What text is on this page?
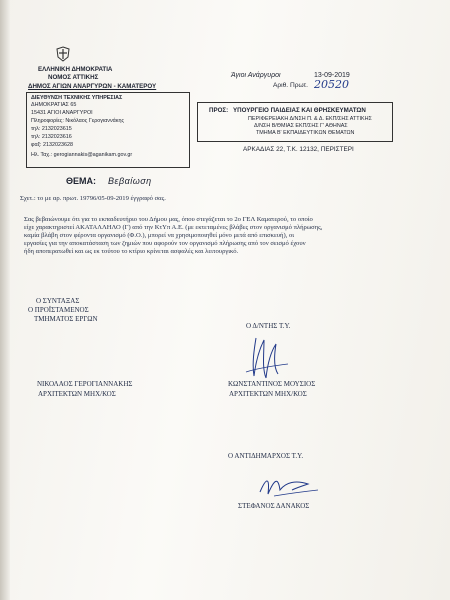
ΕΛΛΗΝΙΚΗ ΔΗΜΟΚΡΑΤΙΑ
ΝΟΜΟΣ ΑΤΤΙΚΗΣ
ΔΗΜΟΣ ΑΓΙΩΝ ΑΝΑΡΓΥΡΩΝ - ΚΑΜΑΤΕΡΟΥ
ΔΙΕΥΘΥΝΣΗ ΤΕΧΝΙΚΗΣ ΥΠΗΡΕΣΙΑΣ
ΔΗΜΟΚΡΑΤΙΑΣ 65
15431 ΑΓΙΟΙ ΑΝΑΡΓΥΡΟΙ
Πληροφορίες: Νικόλαος Γερογιαννάκης
τηλ: 2132023615
τηλ: 2132023616
φαξ: 2132023628
Ηλ. Ταχ.: gerogiannakis@aganikam.gov.gr
Άγιοι Ανάργυροι	13-09-2019
Αριθ. Πρωτ. 20520
ΠΡΟΣ: ΥΠΟΥΡΓΕΙΟ ΠΑΙΔΕΙΑΣ ΚΑΙ ΘΡΗΣΚΕΥΜΑΤΩΝ
ΠΕΡΙΦΕΡΕΙΑΚΗ Δ/ΝΣΗ Π. & Δ. ΕΚΠ/ΣΗΣ ΑΤΤΙΚΗΣ
Δ/ΝΣΗ Β/ΘΜΙΑΣ ΕΚΠ/ΣΗΣ Γ' ΑΘΗΝΑΣ
ΤΜΗΜΑ Β' ΕΚΠΑΙΔΕΥΤΙΚΩΝ ΘΕΜΑΤΩΝ
ΑΡΚΑΔΙΑΣ 22, Τ.Κ. 12132, ΠΕΡΙΣΤΕΡΙ
ΘΕΜΑ: Βεβαίωση
Σχετ.: το με αρ. πρωτ. 19796/05-09-2019 έγγραφό σας.
Σας βεβαιώνουμε ότι για το εκπαιδευτήριο του Δήμου μας, όπου στεγάζεται το 2ο ΓΕΛ Καματερού, το οποίο
είχε χαρακτηριστεί ΑΚΑΤΑΛΛΗΛΟ (Γ) από την ΚτΥπ Α.Ε. (με εκτεταμένες βλάβες στον οργανισμό πλήρωσης,
καμία βλάβη στον φέροντα οργανισμό (Φ.Ο.), μπορεί να χρησιμοποιηθεί μόνο μετά από επισκευή), οι
εργασίες για την αποκατάσταση των ζημιών που αφορούν τον οργανισμό πλήρωσης από τον σεισμό έχουν
ήδη αποπερατωθεί και ως εκ τούτου το κτίριο κρίνεται ασφαλές και λειτουργικό.
Ο ΣΥΝΤΑΞΑΣ
Ο ΠΡΟΪΣΤΑΜΕΝΟΣ
ΤΜΗΜΑΤΟΣ ΕΡΓΩΝ
ΝΙΚΟΛΑΟΣ ΓΕΡΟΓΙΑΝΝΑΚΗΣ
ΑΡΧΙΤΕΚΤΩΝ ΜΗΧ/ΚΟΣ
Ο Δ/ΝΤΗΣ Τ.Υ.
ΚΩΝΣΤΑΝΤΙΝΟΣ ΜΟΥΣΙΟΣ
ΑΡΧΙΤΕΚΤΩΝ ΜΗΧ/ΚΟΣ
Ο ΑΝΤΙΔΗΜΑΡΧΟΣ Τ.Υ.
ΣΤΕΦΑΝΟΣ ΔΑΝΑΚΟΣ
